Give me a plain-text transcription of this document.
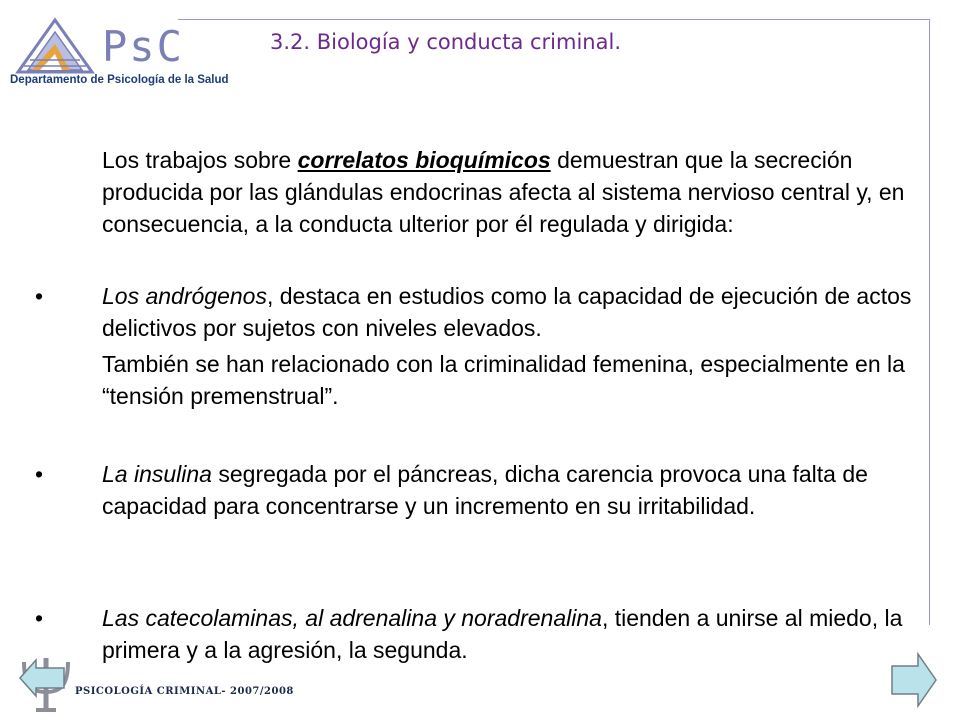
PsC
Departamento de Psicología de la Salud
3.2. Biología y conducta criminal.

Los trabajos sobre correlatos bioquímicos demuestran que la secreción producida por las glándulas endocrinas afecta al sistema nervioso central y, en consecuencia, a la conducta ulterior por él regulada y dirigida:

•	Los andrógenos, destaca en estudios como la capacidad de ejecución de actos delictivos por sujetos con niveles elevados.

También se han relacionado con la criminalidad femenina, especialmente en la “tensión premenstrual”.

•	La insulina segregada por el páncreas, dicha carencia provoca una falta de capacidad para concentrarse y un incremento en su irritabilidad.

•	Las catecolaminas, al adrenalina y noradrenalina, tienden a unirse al miedo, la primera y a la agresión, la segunda.

PSICOLOGÍA CRIMINAL- 2007/2008
